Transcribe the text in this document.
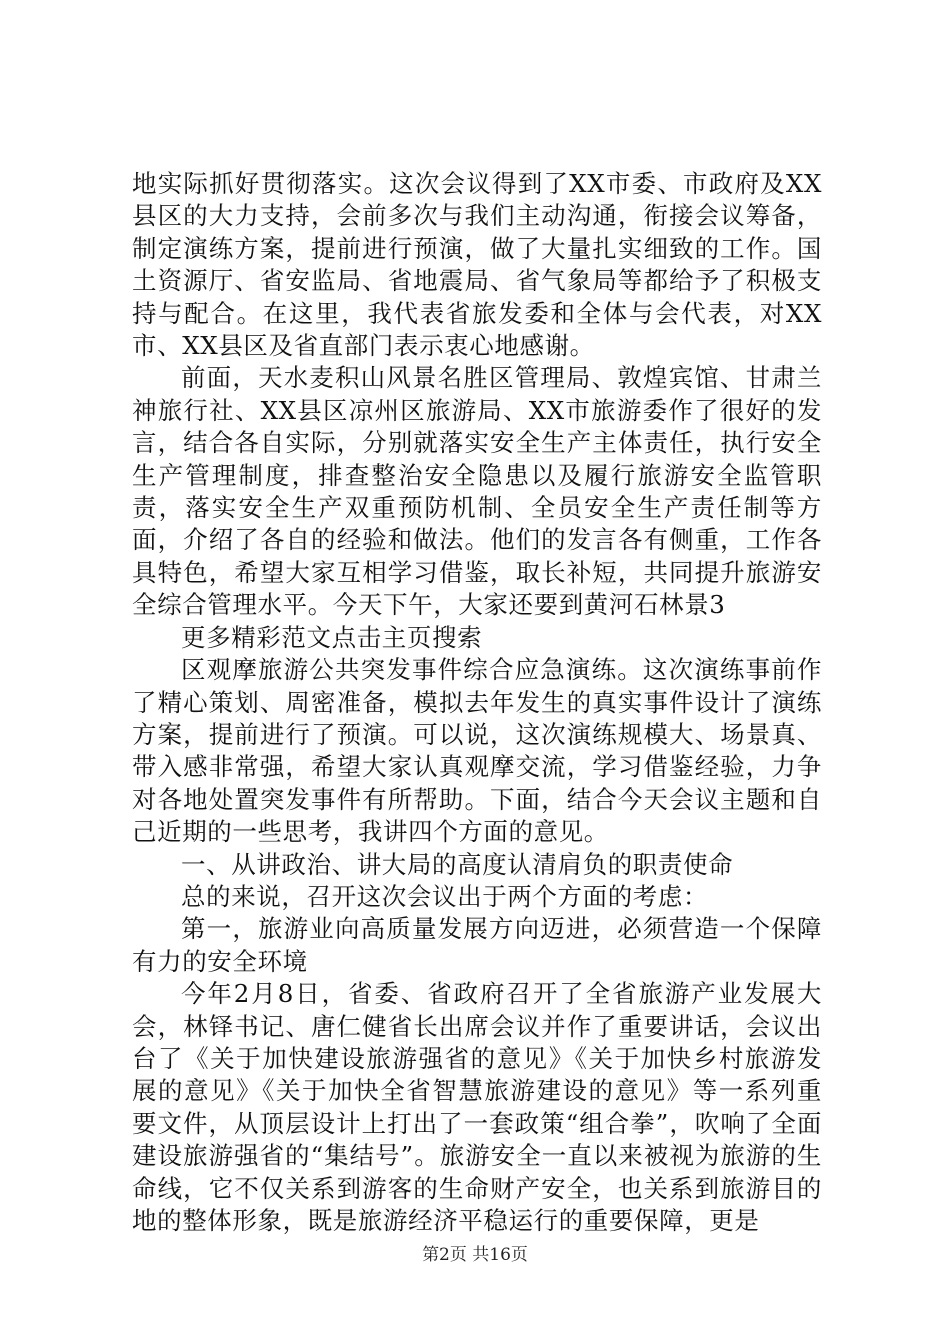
地实际抓好贯彻落实。这次会议得到了XX市委、市政府及XX县区的大力支持，会前多次与我们主动沟通，衔接会议筹备，制定演练方案，提前进行预演，做了大量扎实细致的工作。国土资源厅、省安监局、省地震局、省气象局等都给予了积极支持与配合。在这里，我代表省旅发委和全体与会代表，对XX市、XX县区及省直部门表示衷心地感谢。

前面，天水麦积山风景名胜区管理局、敦煌宾馆、甘肃兰神旅行社、XX县区凉州区旅游局、XX市旅游委作了很好的发言，结合各自实际，分别就落实安全生产主体责任，执行安全生产管理制度，排查整治安全隐患以及履行旅游安全监管职责，落实安全生产双重预防机制、全员安全生产责任制等方面，介绍了各自的经验和做法。他们的发言各有侧重，工作各具特色，希望大家互相学习借鉴，取长补短，共同提升旅游安全综合管理水平。今天下午，大家还要到黄河石林景3

更多精彩范文点击主页搜索

区观摩旅游公共突发事件综合应急演练。这次演练事前作了精心策划、周密准备，模拟去年发生的真实事件设计了演练方案，提前进行了预演。可以说，这次演练规模大、场景真、带入感非常强，希望大家认真观摩交流，学习借鉴经验，力争对各地处置突发事件有所帮助。下面，结合今天会议主题和自己近期的一些思考，我讲四个方面的意见。

一、从讲政治、讲大局的高度认清肩负的职责使命

总的来说，召开这次会议出于两个方面的考虑：

第一，旅游业向高质量发展方向迈进，必须营造一个保障有力的安全环境

今年2月8日，省委、省政府召开了全省旅游产业发展大会，林铎书记、唐仁健省长出席会议并作了重要讲话，会议出台了《关于加快建设旅游强省的意见》《关于加快乡村旅游发展的意见》《关于加快全省智慧旅游建设的意见》等一系列重要文件，从顶层设计上打出了一套政策“组合拳”，吹响了全面建设旅游强省的“集结号”。旅游安全一直以来被视为旅游的生命线，它不仅关系到游客的生命财产安全，也关系到旅游目的地的整体形象，既是旅游经济平稳运行的重要保障，更是

第2页 共16页
